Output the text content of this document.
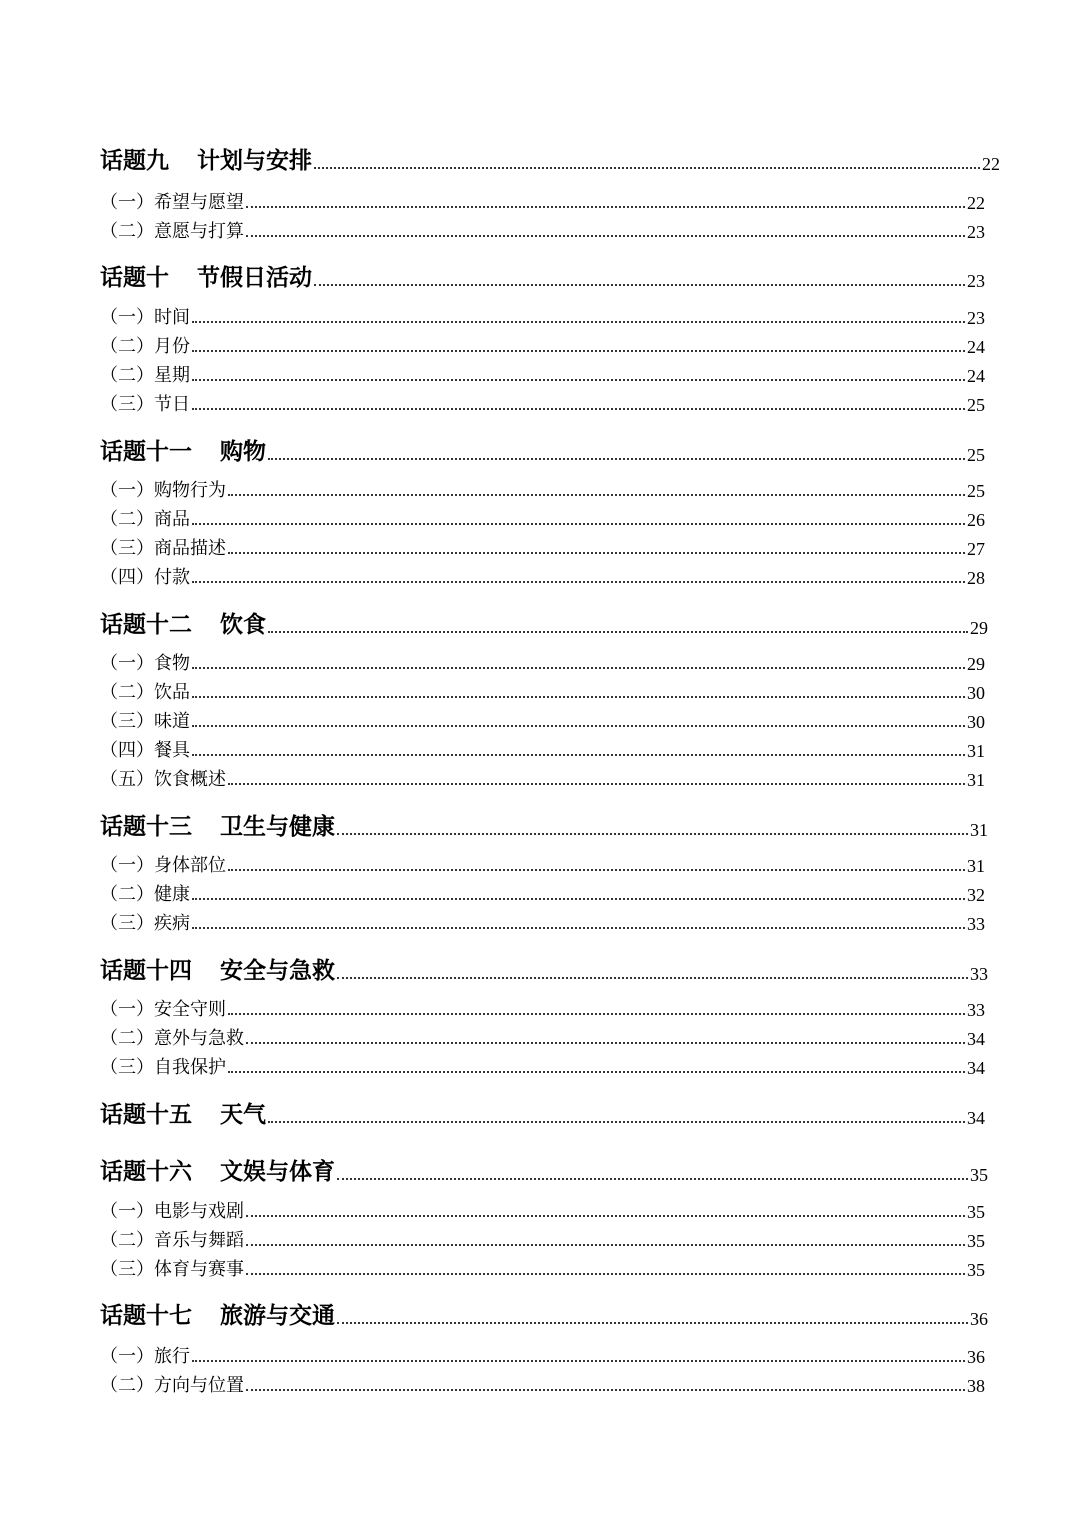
话题九 计划与安排	22
（一）希望与愿望	22
（二）意愿与打算	23
话题十 节假日活动	23
（一）时间	23
（二）月份	24
（二）星期	24
（三）节日	25
话题十一 购物	25
（一）购物行为	25
（二）商品	26
（三）商品描述	27
（四）付款	28
话题十二 饮食	29
（一）食物	29
（二）饮品	30
（三）味道	30
（四）餐具	31
（五）饮食概述	31
话题十三 卫生与健康	31
（一）身体部位	31
（二）健康	32
（三）疾病	33
话题十四 安全与急救	33
（一）安全守则	33
（二）意外与急救	34
（三）自我保护	34
话题十五 天气	34
话题十六 文娱与体育	35
（一）电影与戏剧	35
（二）音乐与舞蹈	35
（三）体育与赛事	35
话题十七 旅游与交通	36
（一）旅行	36
（二）方向与位置	38
